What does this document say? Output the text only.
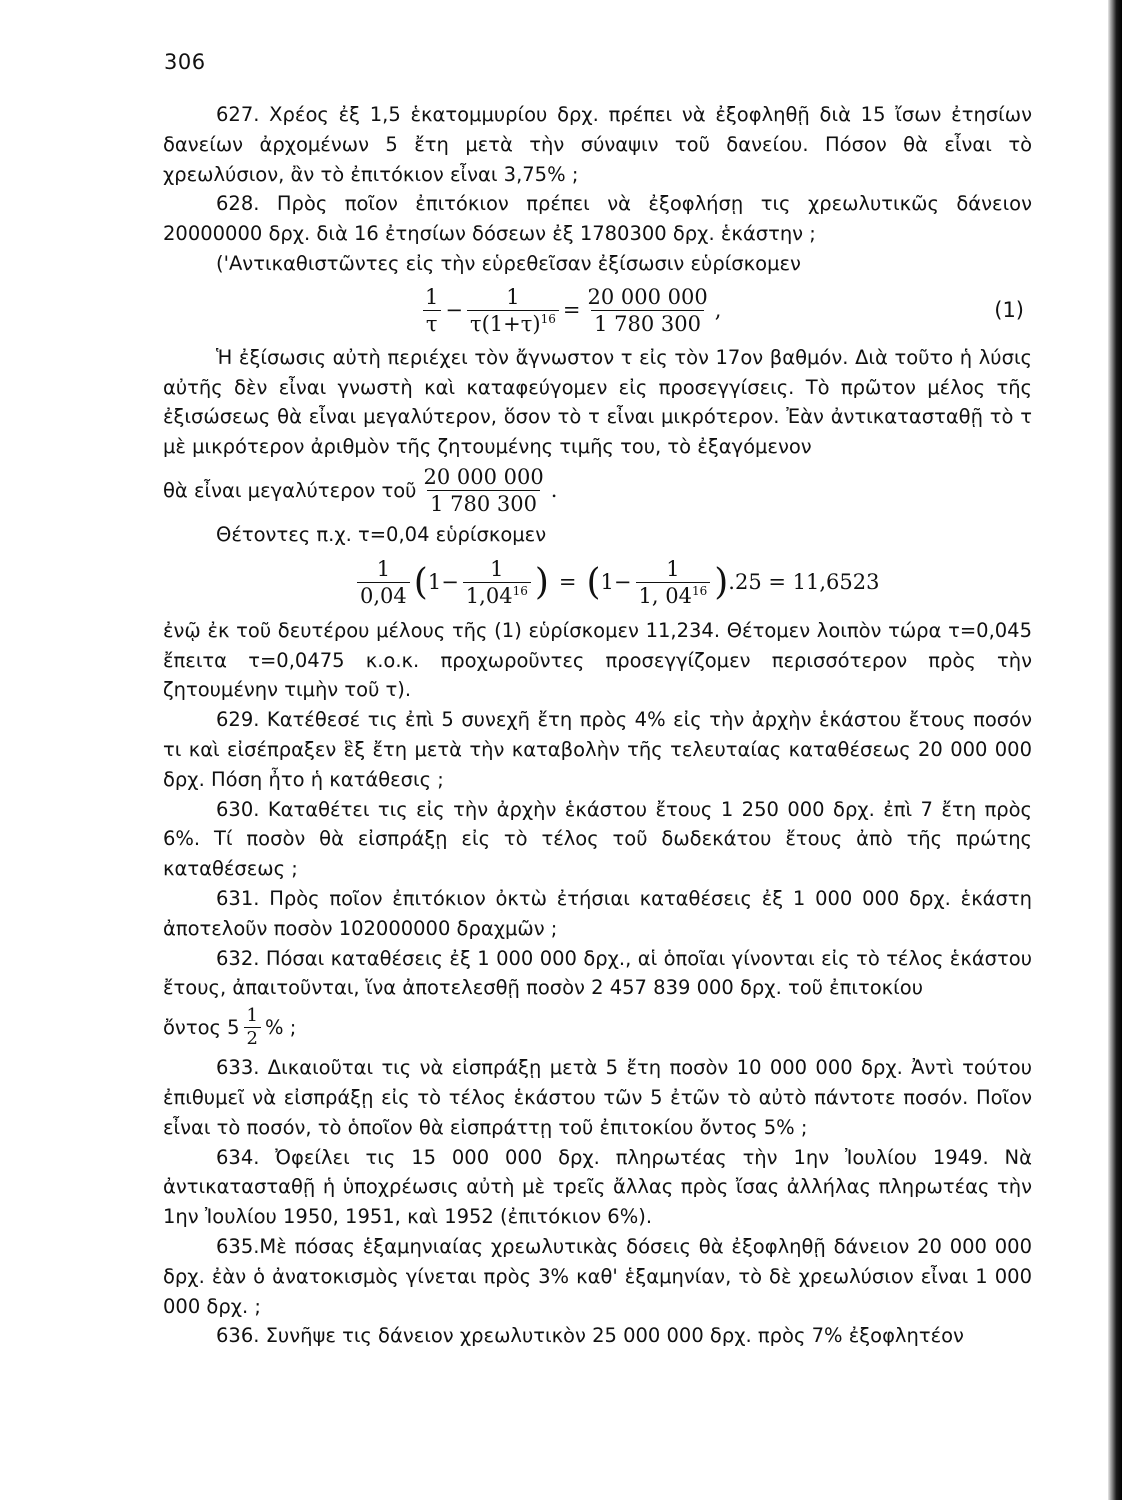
306

627. Χρέος ἐξ 1,5 ἑκατομμυρίου δρχ. πρέπει νὰ ἐξοφληθῇ διὰ 15 ἴσων ἐτησίων δανείων ἀρχομένων 5 ἔτη μετὰ τὴν σύναψιν τοῦ δανείου. Πόσον θὰ εἶναι τὸ χρεωλύσιον, ἂν τὸ ἐπιτόκιον εἶναι 3,75% ;

628. Πρὸς ποῖον ἐπιτόκιον πρέπει νὰ ἐξοφλήσῃ τις χρεωλυτικῶς δάνειον 20000000 δρχ. διὰ 16 ἐτησίων δόσεων ἐξ 1780300 δρχ. ἑκάστην ;

('Αντικαθιστῶντες εἰς τὴν εὑρεθεῖσαν ἐξίσωσιν εὑρίσκομεν

$\frac{1}{\tau} - \frac{1}{\tau(1+\tau)^{16}} = \frac{20 000 000}{1 780 300}$ ,	(1)

Ἡ ἐξίσωσις αὐτὴ περιέχει τὸν ἄγνωστον τ εἰς τὸν 17ον βαθμόν. Διὰ τοῦτο ἡ λύσις αὐτῆς δὲν εἶναι γνωστὴ καὶ καταφεύγομεν εἰς προσεγγίσεις. Τὸ πρῶτον μέλος τῆς ἐξισώσεως θὰ εἶναι μεγαλύτερον, ὅσον τὸ τ εἶναι μικρότερον. Ἐὰν ἀντικατασταθῇ τὸ τ μὲ μικρότερον ἀριθμὸν τῆς ζητουμένης τιμῆς του, τὸ ἐξαγόμενον

θὰ εἶναι μεγαλύτερον τοῦ $\frac{20 000 000}{1 780 300}$ .

Θέτοντες π.χ. τ=0,04 εὑρίσκομεν

$\frac{1}{0,04}$ ( $1 - \frac{1}{1,04^{16}}$ ) = ( $1 - \frac{1}{1, 04^{16}}$ ) .25 = 11,6523

ἐνῷ ἐκ τοῦ δευτέρου μέλους τῆς (1) εὑρίσκομεν 11,234. Θέτομεν λοιπὸν τώρα τ=0,045 ἔπειτα τ=0,0475 κ.ο.κ. προχωροῦντες προσεγγίζομεν περισσότερον πρὸς τὴν ζητουμένην τιμὴν τοῦ τ).

629. Κατέθεσέ τις ἐπὶ 5 συνεχῆ ἔτη πρὸς 4% εἰς τὴν ἀρχὴν ἑκάστου ἔτους ποσόν τι καὶ εἰσέπραξεν ἓξ ἔτη μετὰ τὴν καταβολὴν τῆς τελευταίας καταθέσεως 20 000 000 δρχ. Πόση ἦτο ἡ κατάθεσις ;

630. Καταθέτει τις εἰς τὴν ἀρχὴν ἑκάστου ἔτους 1 250 000 δρχ. ἐπὶ 7 ἔτη πρὸς 6%. Τί ποσὸν θὰ εἰσπράξῃ εἰς τὸ τέλος τοῦ δωδεκάτου ἔτους ἀπὸ τῆς πρώτης καταθέσεως ;

631. Πρὸς ποῖον ἐπιτόκιον ὀκτὼ ἐτήσιαι καταθέσεις ἐξ 1 000 000 δρχ. ἑκάστη ἀποτελοῦν ποσὸν 102000000 δραχμῶν ;

632. Πόσαι καταθέσεις ἐξ 1 000 000 δρχ., αἱ ὁποῖαι γίνονται εἰς τὸ τέλος ἑκάστου ἔτους, ἀπαιτοῦνται, ἵνα ἀποτελεσθῇ ποσὸν 2 457 839 000 δρχ. τοῦ ἐπιτοκίου

ὄντος $5 \frac{1}{2}$ % ;

633. Δικαιοῦται τις νὰ εἰσπράξῃ μετὰ 5 ἔτη ποσὸν 10 000 000 δρχ. Ἀντὶ τούτου ἐπιθυμεῖ νὰ εἰσπράξῃ εἰς τὸ τέλος ἑκάστου τῶν 5 ἐτῶν τὸ αὐτὸ πάντοτε ποσόν. Ποῖον εἶναι τὸ ποσόν, τὸ ὁποῖον θὰ εἰσπράττῃ τοῦ ἐπιτοκίου ὄντος 5% ;

634. Ὀφείλει τις 15 000 000 δρχ. πληρωτέας τὴν 1ην Ἰουλίου 1949. Νὰ ἀντικατασταθῇ ἡ ὑποχρέωσις αὐτὴ μὲ τρεῖς ἄλλας πρὸς ἴσας ἀλλήλας πληρωτέας τὴν 1ην Ἰουλίου 1950, 1951, καὶ 1952 (ἐπιτόκιον 6%).

635.Μὲ πόσας ἑξαμηνιαίας χρεωλυτικὰς δόσεις θὰ ἐξοφληθῇ δάνειον 20 000 000 δρχ. ἐὰν ὁ ἀνατοκισμὸς γίνεται πρὸς 3% καθ' ἑξαμηνίαν, τὸ δὲ χρεωλύσιον εἶναι 1 000 000 δρχ. ;

636. Συνῆψε τις δάνειον χρεωλυτικὸν 25 000 000 δρχ. πρὸς 7% ἐξοφλητέον
